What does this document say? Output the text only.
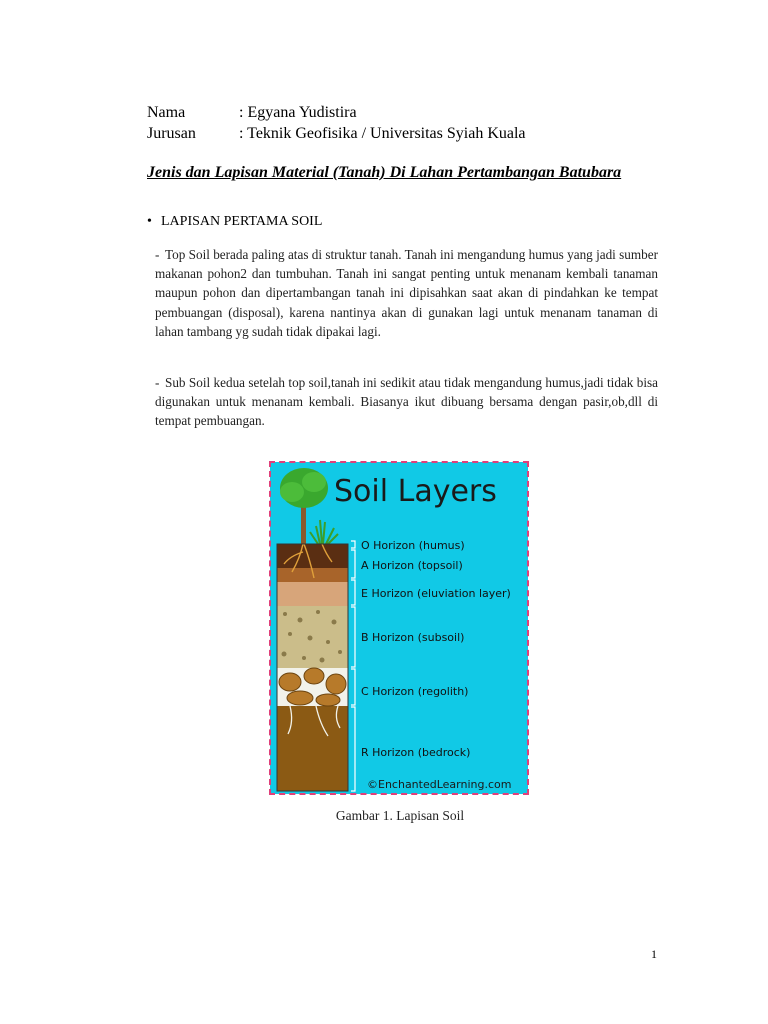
Nama	: Egyana Yudistira
Jurusan	: Teknik Geofisika / Universitas Syiah Kuala
Jenis dan Lapisan Material (Tanah) Di Lahan Pertambangan Batubara
• LAPISAN PERTAMA SOIL
- Top Soil berada paling atas di struktur tanah. Tanah ini mengandung humus yang jadi sumber makanan pohon2 dan tumbuhan. Tanah ini sangat penting untuk menanam kembali tanaman maupun pohon dan dipertambangan tanah ini dipisahkan saat akan di pindahkan ke tempat pembuangan (disposal), karena nantinya akan di gunakan lagi untuk menanam tanaman di lahan tambang yg sudah tidak dipakai lagi.
- Sub Soil kedua setelah top soil,tanah ini sedikit atau tidak mengandung humus,jadi tidak bisa digunakan untuk menanam kembali. Biasanya ikut dibuang bersama dengan pasir,ob,dll di tempat pembuangan.
Soil Layers
O Horizon (humus)
A Horizon (topsoil)
E Horizon (eluviation layer)
B Horizon (subsoil)
C Horizon (regolith)
R Horizon (bedrock)
©EnchantedLearning.com
Gambar 1. Lapisan Soil
1
